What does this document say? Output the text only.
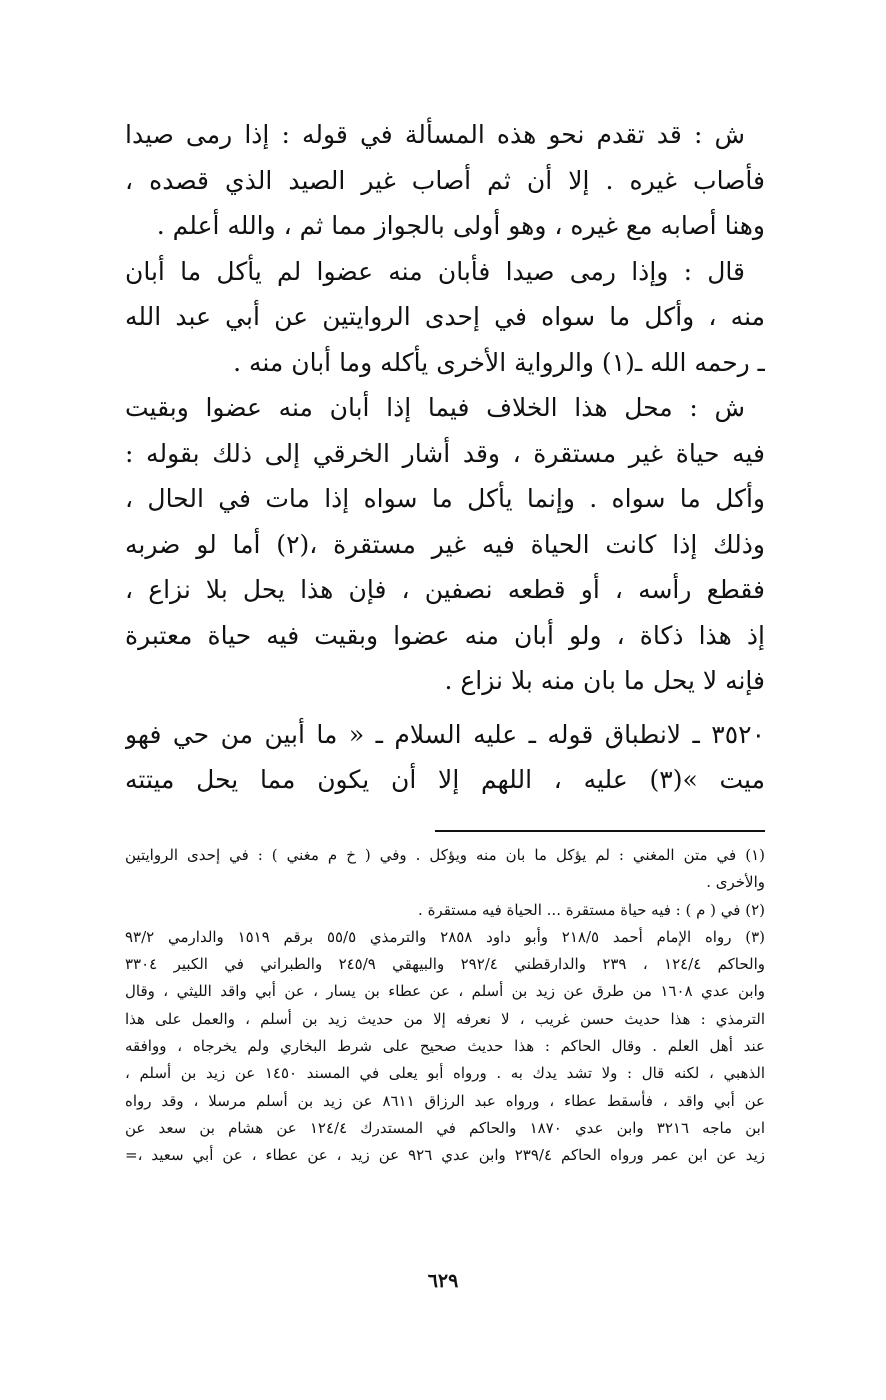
ش : قد تقدم نحو هذه المسألة في قوله : إذا رمى صيدا
فأصاب غيره . إلا أن ثم أصاب غير الصيد الذي قصده ،
وهنا أصابه مع غيره ، وهو أولى بالجواز مما ثم ، والله أعلم .
قال : وإذا رمى صيدا فأبان منه عضوا لم يأكل ما أبان
منه ، وأكل ما سواه في إحدى الروايتين عن أبي عبد الله
ـ رحمه الله ـ(١) والرواية الأخرى يأكله وما أبان منه .
ش : محل هذا الخلاف فيما إذا أبان منه عضوا وبقيت
فيه حياة غير مستقرة ، وقد أشار الخرقي إلى ذلك بقوله :
وأكل ما سواه . وإنما يأكل ما سواه إذا مات في الحال ،
وذلك إذا كانت الحياة فيه غير مستقرة ،(٢) أما لو ضربه
فقطع رأسه ، أو قطعه نصفين ، فإن هذا يحل بلا نزاع ،
إذ هذا ذكاة ، ولو أبان منه عضوا وبقيت فيه حياة معتبرة
فإنه لا يحل ما بان منه بلا نزاع .
٣٥٢٠ ـ لانطباق قوله ـ عليه السلام ـ « ما أبين من حي فهو
ميت »(٣) عليه ، اللهم إلا أن يكون مما يحل ميتته
(١) في متن المغني : لم يؤكل ما بان منه ويؤكل . وفي ( خ م مغني ) : في إحدى الروايتين
والأخرى .
(٢) في ( م ) : فيه حياة مستقرة ... الحياة فيه مستقرة .
(٣) رواه الإمام أحمد ٢١٨/٥ وأبو داود ٢٨٥٨ والترمذي ٥٥/٥ برقم ١٥١٩ والدارمي ٩٣/٢
والحاكم ١٢٤/٤ ، ٢٣٩ والدارقطني ٢٩٢/٤ والبيهقي ٢٤٥/٩ والطبراني في الكبير ٣٣٠٤
وابن عدي ١٦٠٨ من طرق عن زيد بن أسلم ، عن عطاء بن يسار ، عن أبي واقد الليثي ، وقال
الترمذي : هذا حديث حسن غريب ، لا نعرفه إلا من حديث زيد بن أسلم ، والعمل على هذا
عند أهل العلم . وقال الحاكم : هذا حديث صحيح على شرط البخاري ولم يخرجاه ، ووافقه
الذهبي ، لكنه قال : ولا تشد يدك به . ورواه أبو يعلى في المسند ١٤٥٠ عن زيد بن أسلم ،
عن أبي واقد ، فأسقط عطاء ، ورواه عبد الرزاق ٨٦١١ عن زيد بن أسلم مرسلا ، وقد رواه
ابن ماجه ٣٢١٦ وابن عدي ١٨٧٠ والحاكم في المستدرك ١٢٤/٤ عن هشام بن سعد عن
زيد عن ابن عمر ورواه الحاكم ٢٣٩/٤ وابن عدي ٩٢٦ عن زيد ، عن عطاء ، عن أبي سعيد ،=
٦٢٩
